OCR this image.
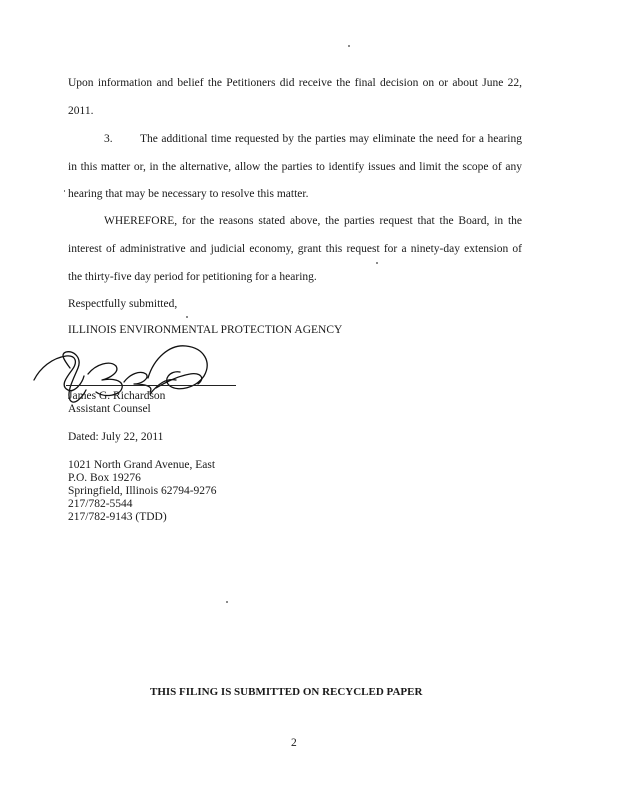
Upon information and belief the Petitioners did receive the final decision on or about June 22,
2011.
3. The additional time requested by the parties may eliminate the need for a hearing
in this matter or, in the alternative, allow the parties to identify issues and limit the scope of any
hearing that may be necessary to resolve this matter.
WHEREFORE, for the reasons stated above, the parties request that the Board, in the
interest of administrative and judicial economy, grant this request for a ninety-day extension of
the thirty-five day period for petitioning for a hearing.
Respectfully submitted,
ILLINOIS ENVIRONMENTAL PROTECTION AGENCY
James G. Richardson
Assistant Counsel
Dated: July 22, 2011
1021 North Grand Avenue, East
P.O. Box 19276
Springfield, Illinois 62794-9276
217/782-5544
217/782-9143 (TDD)
THIS FILING IS SUBMITTED ON RECYCLED PAPER
2
